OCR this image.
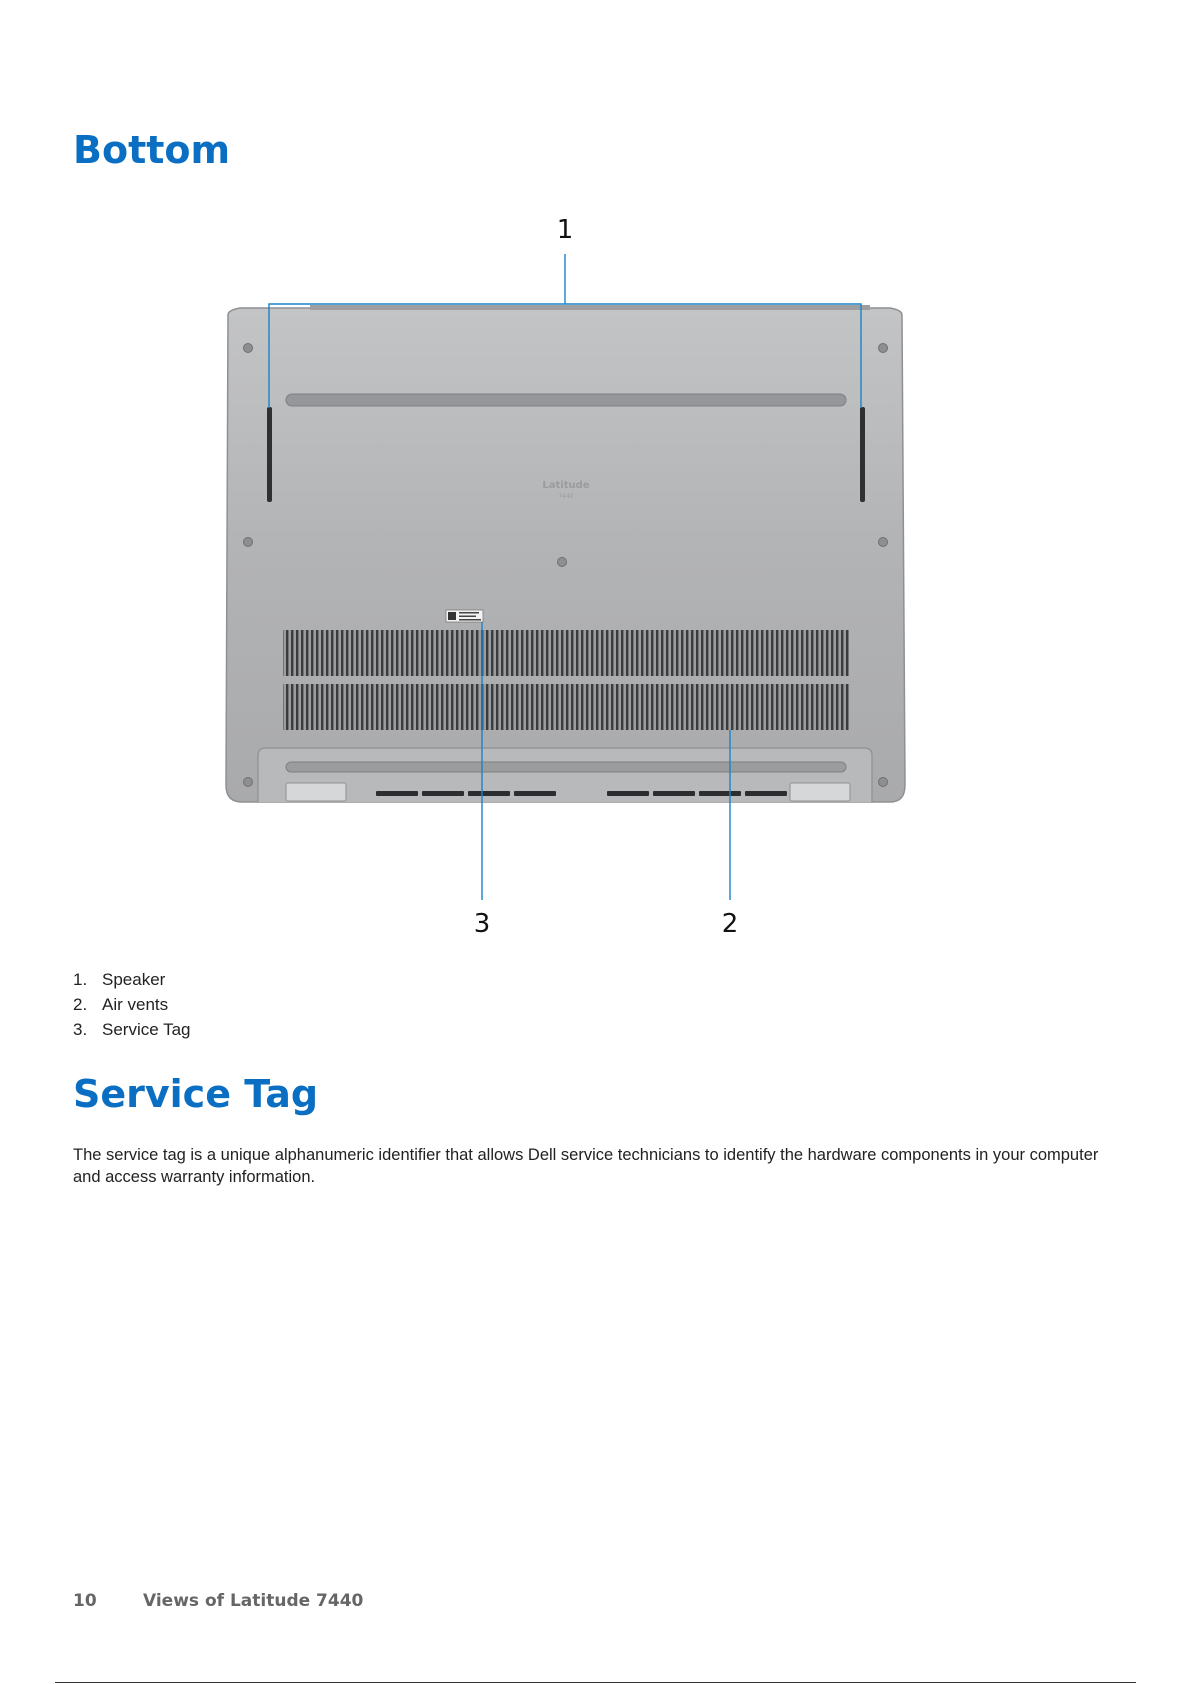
Bottom
Latitude
7440
1
2
3
1. Speaker
2. Air vents
3. Service Tag
Service Tag

The service tag is a unique alphanumeric identifier that allows Dell service technicians to identify the hardware components in your computer and access warranty information.

10	Views of Latitude 7440
